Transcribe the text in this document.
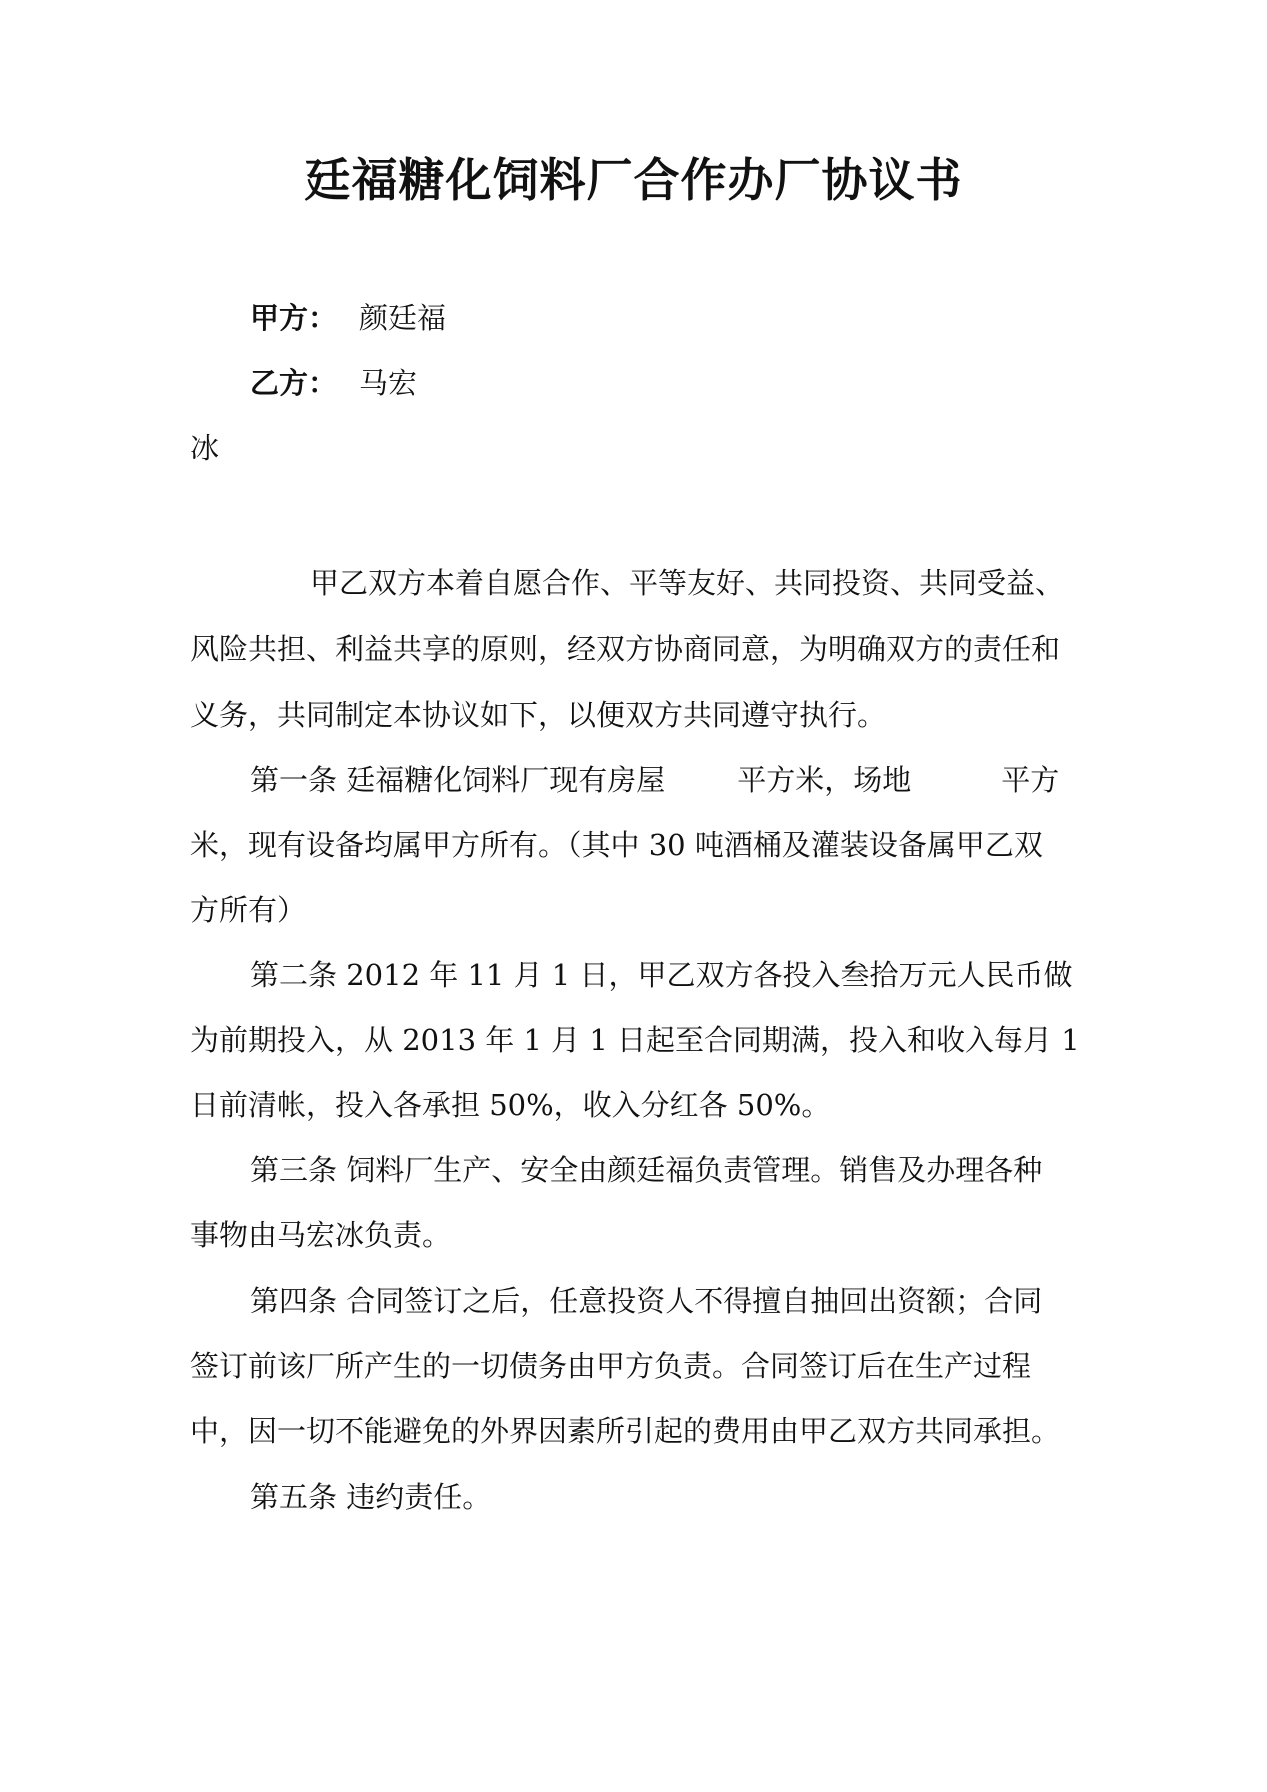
廷福糖化饲料厂合作办厂协议书
甲方： 颜廷福
乙方： 马宏
冰
甲乙双方本着自愿合作、平等友好、共同投资、共同受益、
风险共担、利益共享的原则，经双方协商同意，为明确双方的责任和
义务，共同制定本协议如下，以便双方共同遵守执行。
第一条 廷福糖化饲料厂现有房屋 平方米，场地	平方
米，现有设备均属甲方所有。（其中 30 吨酒桶及灌装设备属甲乙双
方所有）
第二条 2012 年 11 月 1 日，甲乙双方各投入叁拾万元人民币做
为前期投入，从 2013 年 1 月 1 日起至合同期满，投入和收入每月 1
日前清帐，投入各承担 50%，收入分红各 50%。
第三条 饲料厂生产、安全由颜廷福负责管理。销售及办理各种
事物由马宏冰负责。
第四条 合同签订之后，任意投资人不得擅自抽回出资额；合同
签订前该厂所产生的一切债务由甲方负责。合同签订后在生产过程
中，因一切不能避免的外界因素所引起的费用由甲乙双方共同承担。
第五条 违约责任。
